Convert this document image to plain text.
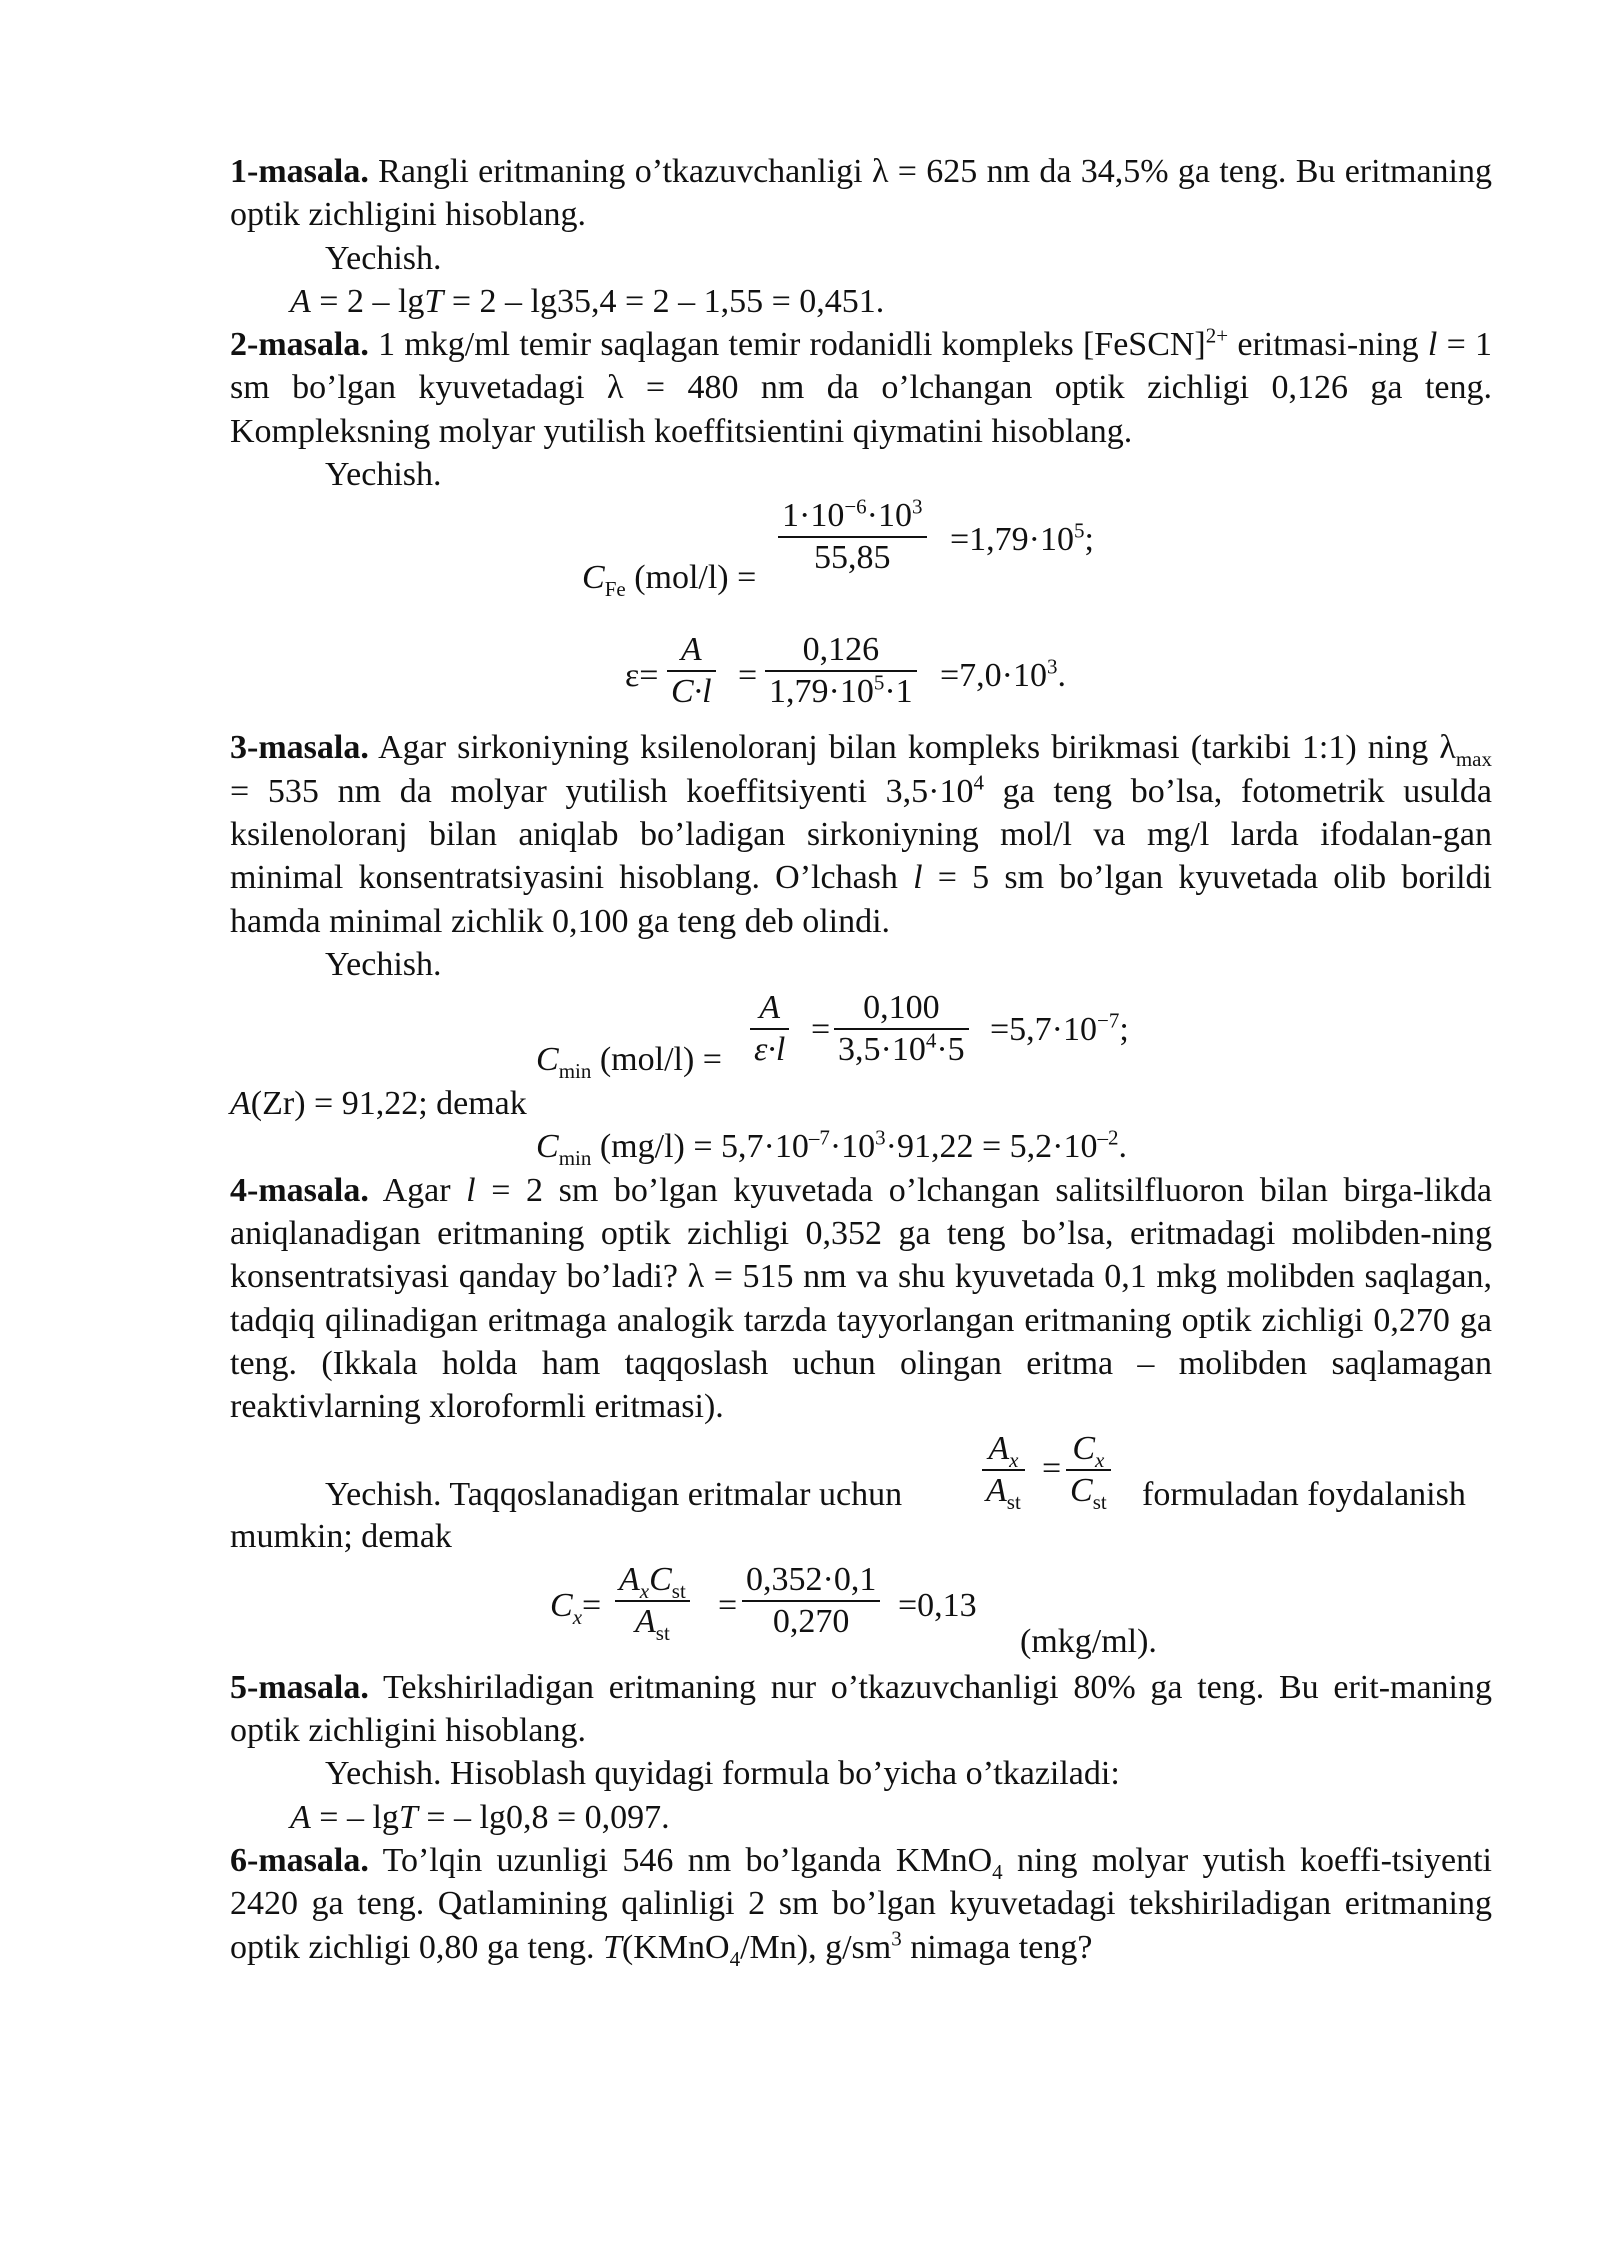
1-masala. Rangli eritmaning o’tkazuvchanligi λ = 625 nm da 34,5% ga teng. Bu eritmaning optik zichligini hisoblang.

Yechish.

A = 2 – lgT = 2 – lg35,4 = 2 – 1,55 = 0,451.

2-masala. 1 mkg/ml temir saqlagan temir rodanidli kompleks [FeSCN]$^{2+}$ eritmasi-ning l = 1 sm bo’lgan kyuvetadagi λ = 480 nm da o’lchangan optik zichligi 0,126 ga teng. Kompleksning molyar yutilish koeffitsientini qiymatini hisoblang.

Yechish.

$C_{Fe}$ $(mol/l) = \frac{1\cdot 10^{-6}\cdot 10^3}{55,85} =1,79\cdot 10^5$;
$\varepsilon= \frac{A}{C\cdot l} = \frac{0,126}{1,79\cdot 10^5\cdot 1} =7,0\cdot 10^3$.

3-masala. Agar sirkoniyning ksilenoloranj bilan kompleks birikmasi (tarkibi 1:1) ning $\lambda_{max} = 535$ nm da molyar yutilish koeffitsiyenti $3,5\cdot 10^4$ ga teng bo’lsa, fotometrik usulda ksilenoloranj bilan aniqlab bo’ladigan sirkoniyning mol/l va mg/l larda ifodalan-gan minimal konsentratsiyasini hisoblang. O’lchash l = 5 sm bo’lgan kyuvetada olib borildi hamda minimal zichlik 0,100 ga teng deb olindi.

Yechish.

$C_{min}$ $(mol/l) = \frac{A}{\varepsilon\cdot l} = \frac{0,100}{3,5\cdot 10^4\cdot 5} =5,7\cdot 10^{-7}$;

A(Zr) = 91,22; demak

$C_{min}$ $(mg/l) = 5,7\cdot 10^{-7}\cdot 10^3\cdot 91,22 = 5,2\cdot 10^{-2}$.

4-masala. Agar l = 2 sm bo’lgan kyuvetada o’lchangan salitsilfluoron bilan birga-likda aniqlanadigan eritmaning optik zichligi 0,352 ga teng bo’lsa, eritmadagi molibden-ning konsentratsiyasi qanday bo’ladi? λ = 515 nm va shu kyuvetada 0,1 mkg molibden saqlagan, tadqiq qilinadigan eritmaga analogik tarzda tayyorlangan eritmaning optik zichligi 0,270 ga teng. (Ikkala holda ham taqqoslash uchun olingan eritma – molibden saqlamagan reaktivlarning xloroformli eritmasi).

Yechish. Taqqoslanadigan eritmalar uchun
$A_x$
$A_{st}$
=
$C_x$
$C_{st}$ formuladan foydalanish

mumkin; demak

$C_x=$
$A_xC_{st}$
$A_{st}$
= $\frac{0,352\cdot 0,1}{0,270} =0,13$
(mkg/ml).

5-masala. Tekshiriladigan eritmaning nur o’tkazuvchanligi 80% ga teng. Bu erit-maning optik zichligini hisoblang.

Yechish. Hisoblash quyidagi formula bo’yicha o’tkaziladi:

A = – lgT = – lg0,8 = 0,097.

6-masala. To’lqin uzunligi 546 nm bo’lganda KMnO$_4$ ning molyar yutish koeffi-tsiyenti 2420 ga teng. Qatlamining qalinligi 2 sm bo’lgan kyuvetadagi tekshiriladigan eritmaning optik zichligi 0,80 ga teng. T(KMnO$_4$/Mn), $g/sm^3$ nimaga teng?
